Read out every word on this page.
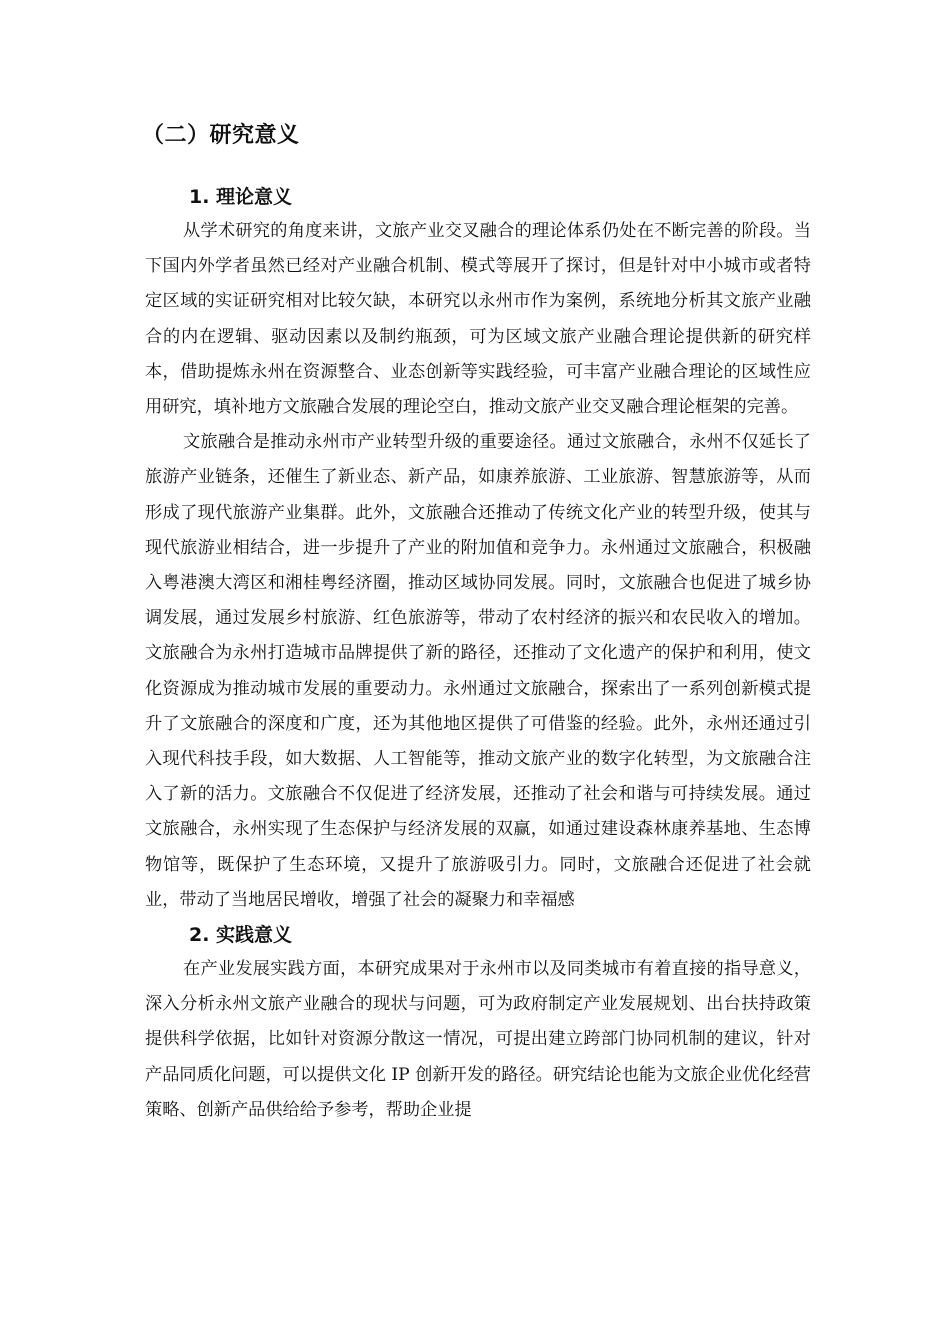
（二）研究意义
1. 理论意义

从学术研究的角度来讲，文旅产业交叉融合的理论体系仍处在不断完善的阶段。当下国内外学者虽然已经对产业融合机制、模式等展开了探讨，但是针对中小城市或者特定区域的实证研究相对比较欠缺，本研究以永州市作为案例，系统地分析其文旅产业融合的内在逻辑、驱动因素以及制约瓶颈，可为区域文旅产业融合理论提供新的研究样本，借助提炼永州在资源整合、业态创新等实践经验，可丰富产业融合理论的区域性应用研究，填补地方文旅融合发展的理论空白，推动文旅产业交叉融合理论框架的完善。

文旅融合是推动永州市产业转型升级的重要途径。通过文旅融合，永州不仅延长了旅游产业链条，还催生了新业态、新产品，如康养旅游、工业旅游、智慧旅游等，从而形成了现代旅游产业集群。此外，文旅融合还推动了传统文化产业的转型升级，使其与现代旅游业相结合，进一步提升了产业的附加值和竞争力。永州通过文旅融合，积极融入粤港澳大湾区和湘桂粤经济圈，推动区域协同发展。同时，文旅融合也促进了城乡协调发展，通过发展乡村旅游、红色旅游等，带动了农村经济的振兴和农民收入的增加。文旅融合为永州打造城市品牌提供了新的路径，还推动了文化遗产的保护和利用，使文化资源成为推动城市发展的重要动力。永州通过文旅融合，探索出了一系列创新模式提升了文旅融合的深度和广度，还为其他地区提供了可借鉴的经验。此外，永州还通过引入现代科技手段，如大数据、人工智能等，推动文旅产业的数字化转型，为文旅融合注入了新的活力。文旅融合不仅促进了经济发展，还推动了社会和谐与可持续发展。通过文旅融合，永州实现了生态保护与经济发展的双赢，如通过建设森林康养基地、生态博物馆等，既保护了生态环境，又提升了旅游吸引力。同时，文旅融合还促进了社会就业，带动了当地居民增收，增强了社会的凝聚力和幸福感

2. 实践意义

在产业发展实践方面，本研究成果对于永州市以及同类城市有着直接的指导意义，深入分析永州文旅产业融合的现状与问题，可为政府制定产业发展规划、出台扶持政策提供科学依据，比如针对资源分散这一情况，可提出建立跨部门协同机制的建议，针对产品同质化问题，可以提供文化 IP 创新开发的路径。研究结论也能为文旅企业优化经营策略、创新产品供给给予参考，帮助企业提
